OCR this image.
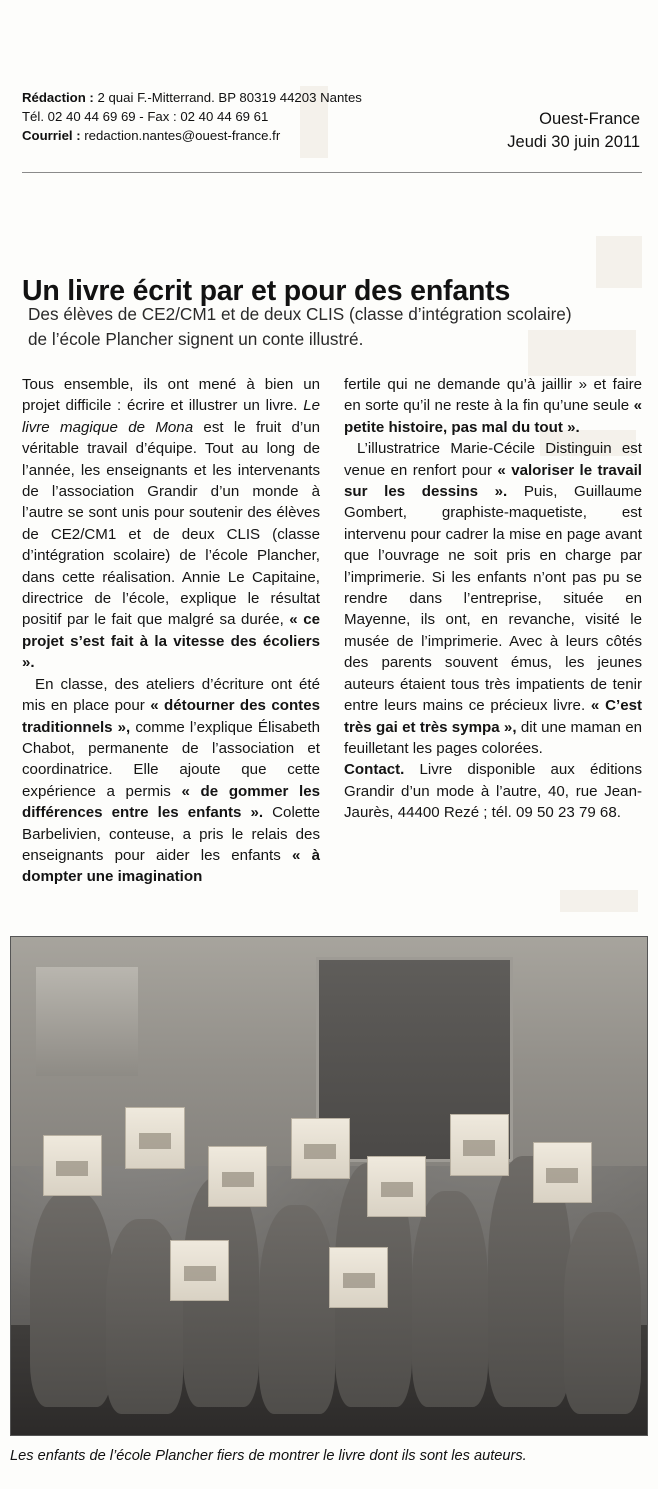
Rédaction : 2 quai F.-Mitterrand. BP 80319 44203 Nantes
Tél. 02 40 44 69 69 - Fax : 02 40 44 69 61
Courriel : redaction.nantes@ouest-france.fr
Ouest-France
Jeudi 30 juin 2011
Un livre écrit par et pour des enfants
Des élèves de CE2/CM1 et de deux CLIS (classe d’intégration scolaire) de l’école Plancher signent un conte illustré.

Tous ensemble, ils ont mené à bien un projet difficile : écrire et illustrer un livre. Le livre magique de Mona est le fruit d’un véritable travail d’équipe. Tout au long de l’année, les enseignants et les intervenants de l’association Grandir d’un monde à l’autre se sont unis pour soutenir des élèves de CE2/CM1 et de deux CLIS (classe d’intégration scolaire) de l’école Plancher, dans cette réalisation. Annie Le Capitaine, directrice de l’école, explique le résultat positif par le fait que malgré sa durée, « ce projet s’est fait à la vitesse des écoliers ».

En classe, des ateliers d’écriture ont été mis en place pour « détourner des contes traditionnels », comme l’explique Élisabeth Chabot, permanente de l’association et coordinatrice. Elle ajoute que cette expérience a permis « de gommer les différences entre les enfants ». Colette Barbelivien, conteuse, a pris le relais des enseignants pour aider les enfants « à dompter une imagination

fertile qui ne demande qu’à jaillir » et faire en sorte qu’il ne reste à la fin qu’une seule « petite histoire, pas mal du tout ».

L’illustratrice Marie-Cécile Distinguin est venue en renfort pour « valoriser le travail sur les dessins ». Puis, Guillaume Gombert, graphiste-maquetiste, est intervenu pour cadrer la mise en page avant que l’ouvrage ne soit pris en charge par l’imprimerie. Si les enfants n’ont pas pu se rendre dans l’entreprise, située en Mayenne, ils ont, en revanche, visité le musée de l’imprimerie. Avec à leurs côtés des parents souvent émus, les jeunes auteurs étaient tous très impatients de tenir entre leurs mains ce précieux livre. « C’est très gai et très sympa », dit une maman en feuilletant les pages colorées.

Contact. Livre disponible aux éditions Grandir d’un mode à l’autre, 40, rue Jean-Jaurès, 44400 Rezé ; tél. 09 50 23 79 68.

Les enfants de l’école Plancher fiers de montrer le livre dont ils sont les auteurs.
